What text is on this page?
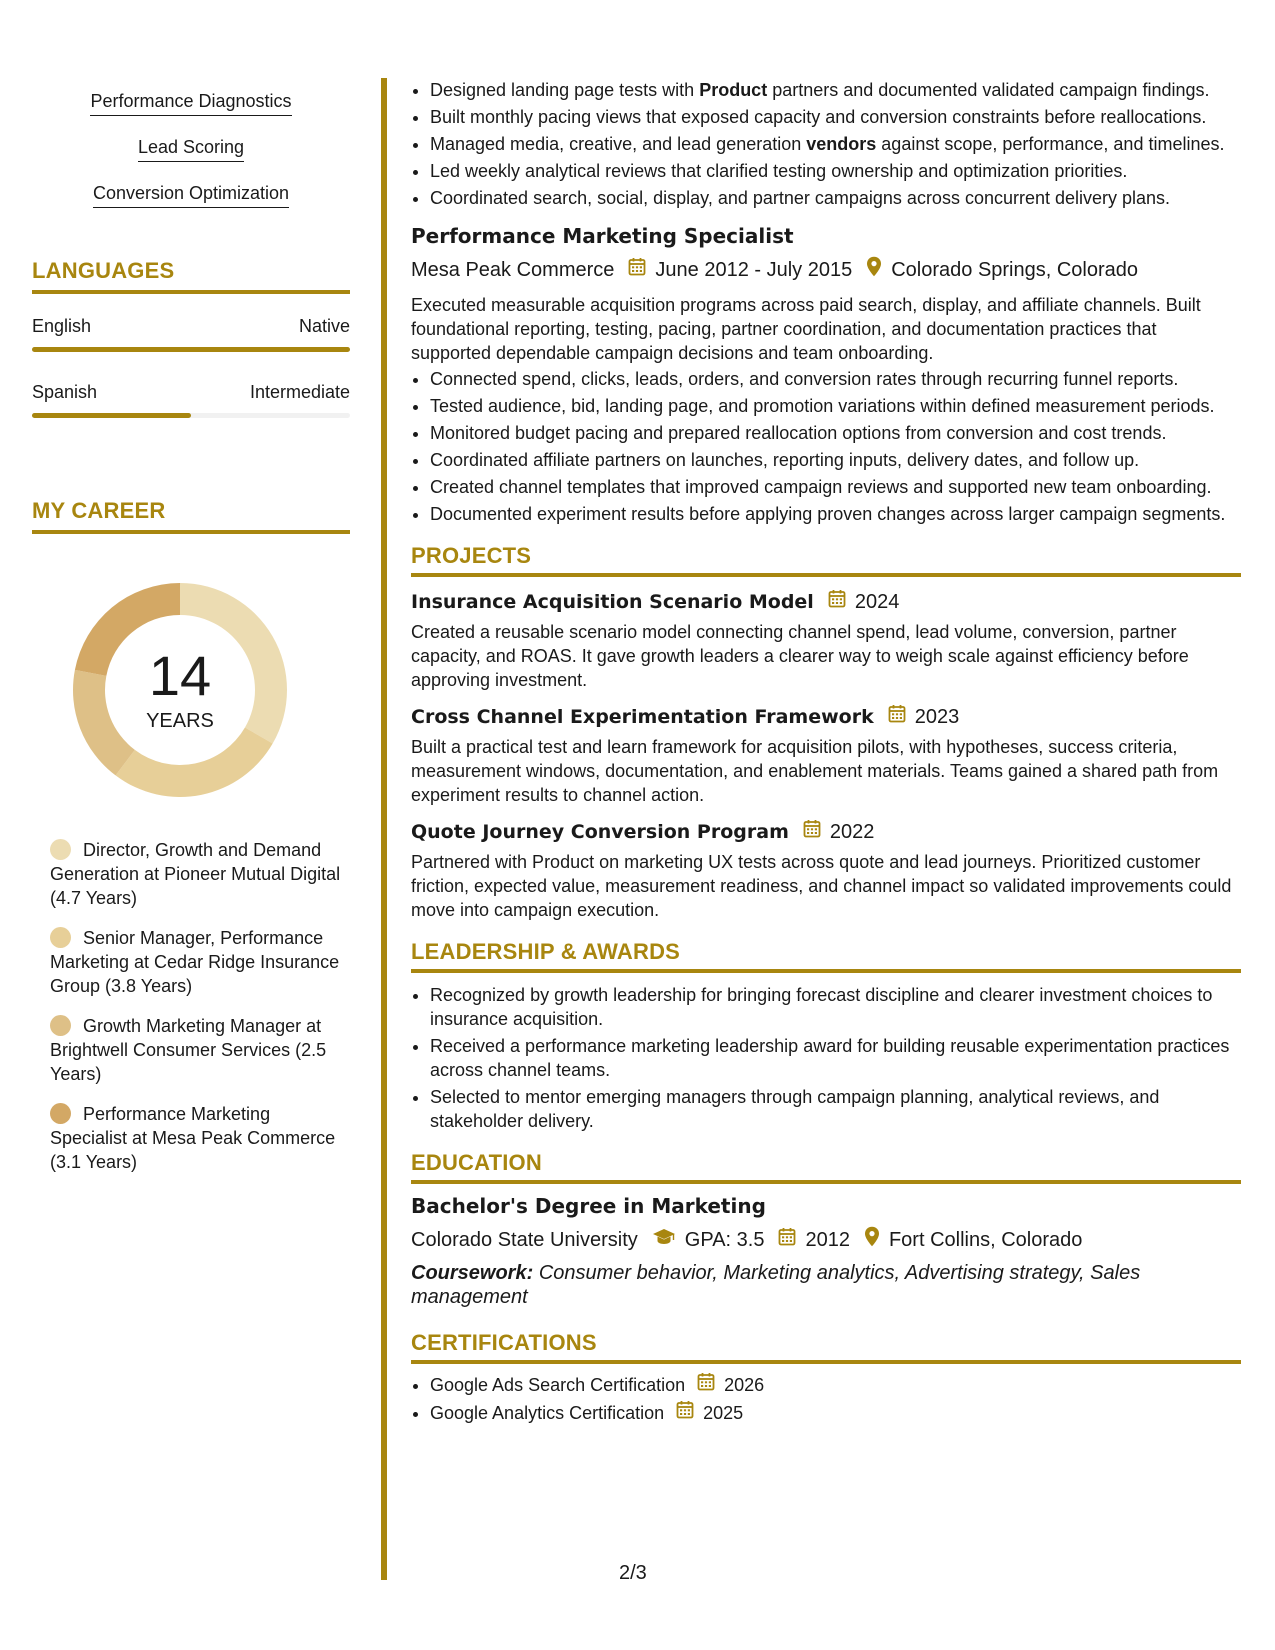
Performance Diagnostics
Lead Scoring
Conversion Optimization
LANGUAGES
English	Native
Spanish	Intermediate
MY CAREER
14
YEARS
Director, Growth and Demand Generation at Pioneer Mutual Digital (4.7 Years)
Senior Manager, Performance Marketing at Cedar Ridge Insurance Group (3.8 Years)
Growth Marketing Manager at Brightwell Consumer Services (2.5 Years)
Performance Marketing Specialist at Mesa Peak Commerce (3.1 Years)
• Designed landing page tests with Product partners and documented validated campaign findings.
• Built monthly pacing views that exposed capacity and conversion constraints before reallocations.
• Managed media, creative, and lead generation vendors against scope, performance, and timelines.
• Led weekly analytical reviews that clarified testing ownership and optimization priorities.
• Coordinated search, social, display, and partner campaigns across concurrent delivery plans.
Performance Marketing Specialist
Mesa Peak Commerce June 2012 - July 2015 Colorado Springs, Colorado
Executed measurable acquisition programs across paid search, display, and affiliate channels. Built foundational reporting, testing, pacing, partner coordination, and documentation practices that supported dependable campaign decisions and team onboarding.
• Connected spend, clicks, leads, orders, and conversion rates through recurring funnel reports.
• Tested audience, bid, landing page, and promotion variations within defined measurement periods.
• Monitored budget pacing and prepared reallocation options from conversion and cost trends.
• Coordinated affiliate partners on launches, reporting inputs, delivery dates, and follow up.
• Created channel templates that improved campaign reviews and supported new team onboarding.
• Documented experiment results before applying proven changes across larger campaign segments.
PROJECTS
Insurance Acquisition Scenario Model 2024
Created a reusable scenario model connecting channel spend, lead volume, conversion, partner capacity, and ROAS. It gave growth leaders a clearer way to weigh scale against efficiency before approving investment.
Cross Channel Experimentation Framework 2023
Built a practical test and learn framework for acquisition pilots, with hypotheses, success criteria, measurement windows, documentation, and enablement materials. Teams gained a shared path from experiment results to channel action.
Quote Journey Conversion Program 2022
Partnered with Product on marketing UX tests across quote and lead journeys. Prioritized customer friction, expected value, measurement readiness, and channel impact so validated improvements could move into campaign execution.
LEADERSHIP & AWARDS
• Recognized by growth leadership for bringing forecast discipline and clearer investment choices to insurance acquisition.
• Received a performance marketing leadership award for building reusable experimentation practices across channel teams.
• Selected to mentor emerging managers through campaign planning, analytical reviews, and stakeholder delivery.
EDUCATION
Bachelor's Degree in Marketing
Colorado State University GPA: 3.5 2012 Fort Collins, Colorado
Coursework: Consumer behavior, Marketing analytics, Advertising strategy, Sales management
CERTIFICATIONS
• Google Ads Search Certification 2026
• Google Analytics Certification 2025
2/3
